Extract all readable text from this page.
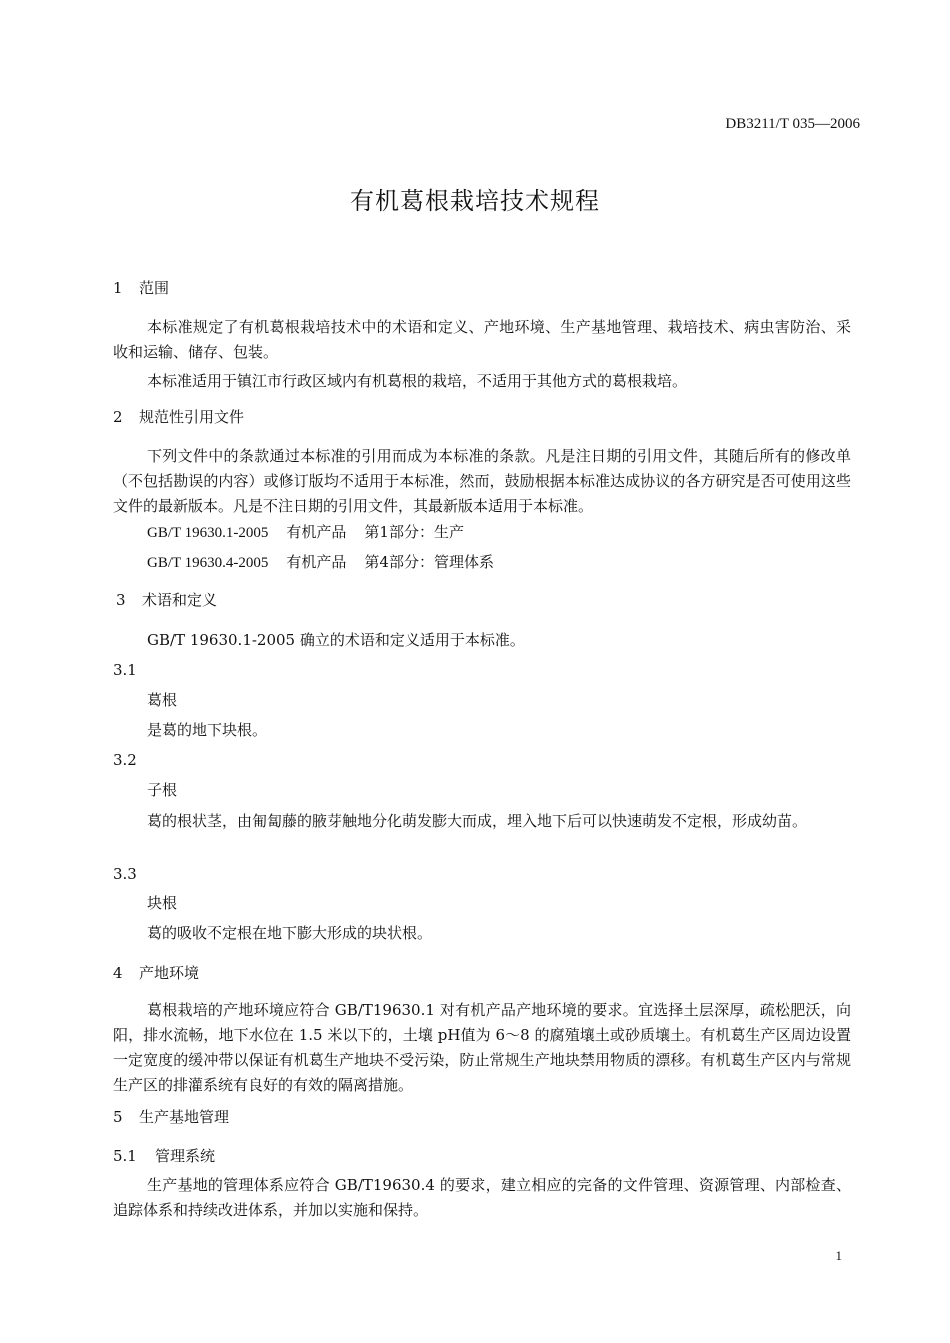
DB3211/T 035—2006
有机葛根栽培技术规程
1 范围
本标准规定了有机葛根栽培技术中的术语和定义、产地环境、生产基地管理、栽培技术、病虫害防治、采收和运输、储存、包装。
本标准适用于镇江市行政区域内有机葛根的栽培，不适用于其他方式的葛根栽培。
2 规范性引用文件
下列文件中的条款通过本标准的引用而成为本标准的条款。凡是注日期的引用文件，其随后所有的修改单（不包括勘误的内容）或修订版均不适用于本标准，然而，鼓励根据本标准达成协议的各方研究是否可使用这些文件的最新版本。凡是不注日期的引用文件，其最新版本适用于本标准。
GB/T 19630.1-2005 有机产品 第1部分：生产
GB/T 19630.4-2005 有机产品 第4部分：管理体系
3 术语和定义
GB/T 19630.1-2005 确立的术语和定义适用于本标准。
3.1
葛根
是葛的地下块根。
3.2
子根
葛的根状茎，由匍匐藤的腋芽触地分化萌发膨大而成，埋入地下后可以快速萌发不定根，形成幼苗。
3.3
块根
葛的吸收不定根在地下膨大形成的块状根。
4 产地环境
葛根栽培的产地环境应符合 GB/T19630.1 对有机产品产地环境的要求。宜选择土层深厚，疏松肥沃，向阳，排水流畅，地下水位在 1.5 米以下的，土壤 pH值为 6～8 的腐殖壤土或砂质壤土。有机葛生产区周边设置一定宽度的缓冲带以保证有机葛生产地块不受污染，防止常规生产地块禁用物质的漂移。有机葛生产区内与常规生产区的排灌系统有良好的有效的隔离措施。
5 生产基地管理
5.1 管理系统
生产基地的管理体系应符合 GB/T19630.4 的要求，建立相应的完备的文件管理、资源管理、内部检查、追踪体系和持续改进体系，并加以实施和保持。
1
